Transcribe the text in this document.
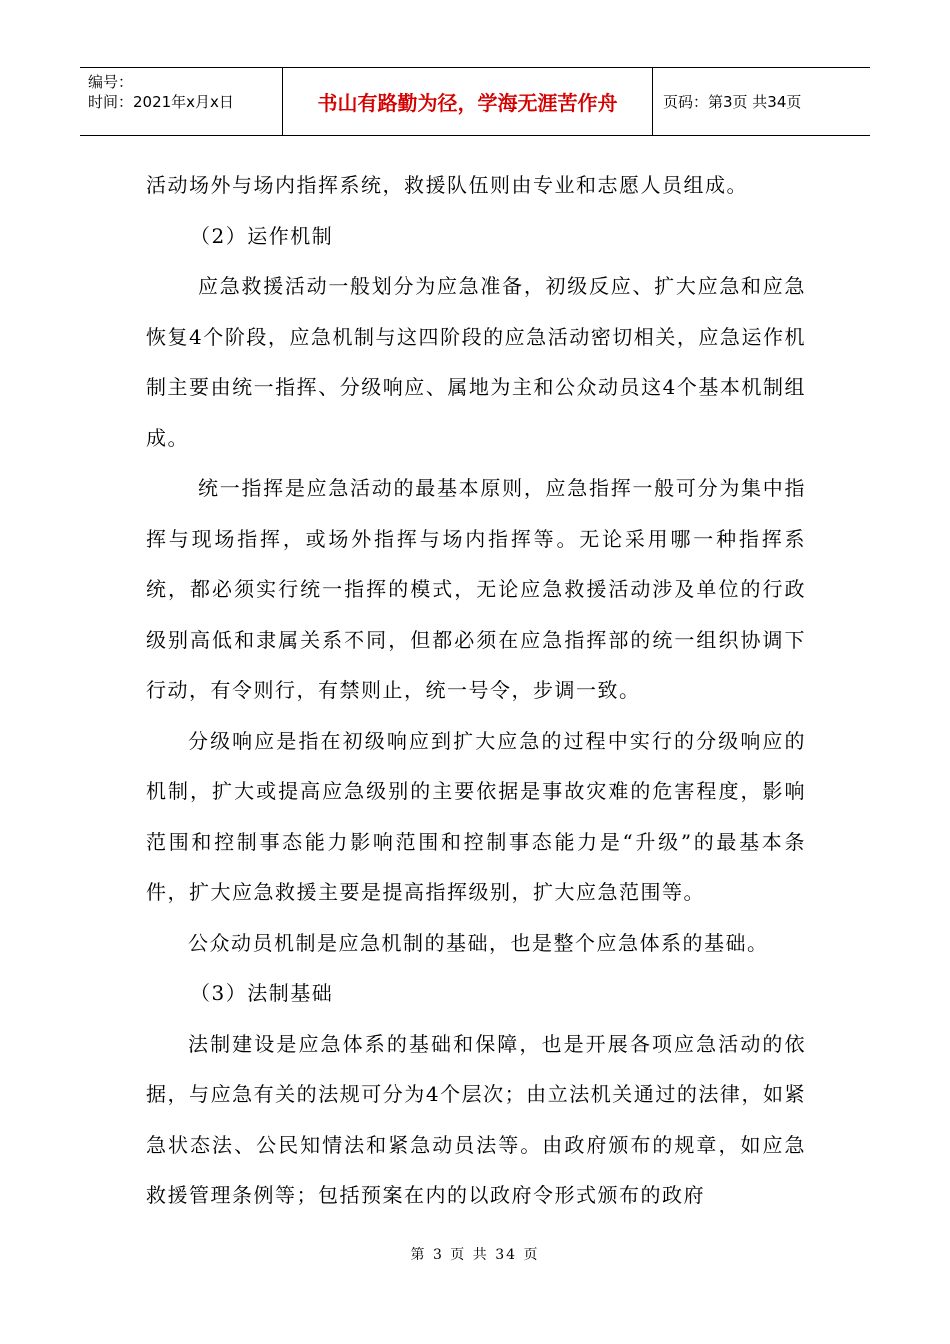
编号：
时间：2021年x月x日	书山有路勤为径，学海无涯苦作舟	页码：第3页 共34页

活动场外与场内指挥系统，救援队伍则由专业和志愿人员组成。

（2）运作机制

应急救援活动一般划分为应急准备，初级反应、扩大应急和应急恢复4个阶段，应急机制与这四阶段的应急活动密切相关，应急运作机制主要由统一指挥、分级响应、属地为主和公众动员这4个基本机制组成。

统一指挥是应急活动的最基本原则，应急指挥一般可分为集中指挥与现场指挥，或场外指挥与场内指挥等。无论采用哪一种指挥系统，都必须实行统一指挥的模式，无论应急救援活动涉及单位的行政级别高低和隶属关系不同，但都必须在应急指挥部的统一组织协调下行动，有令则行，有禁则止，统一号令，步调一致。

分级响应是指在初级响应到扩大应急的过程中实行的分级响应的机制，扩大或提高应急级别的主要依据是事故灾难的危害程度，影响范围和控制事态能力影响范围和控制事态能力是“升级”的最基本条件，扩大应急救援主要是提高指挥级别，扩大应急范围等。

公众动员机制是应急机制的基础，也是整个应急体系的基础。

（3）法制基础

法制建设是应急体系的基础和保障，也是开展各项应急活动的依据，与应急有关的法规可分为4个层次；由立法机关通过的法律，如紧急状态法、公民知情法和紧急动员法等。由政府颁布的规章，如应急救援管理条例等；包括预案在内的以政府令形式颁布的政府

第 3 页 共 34 页
